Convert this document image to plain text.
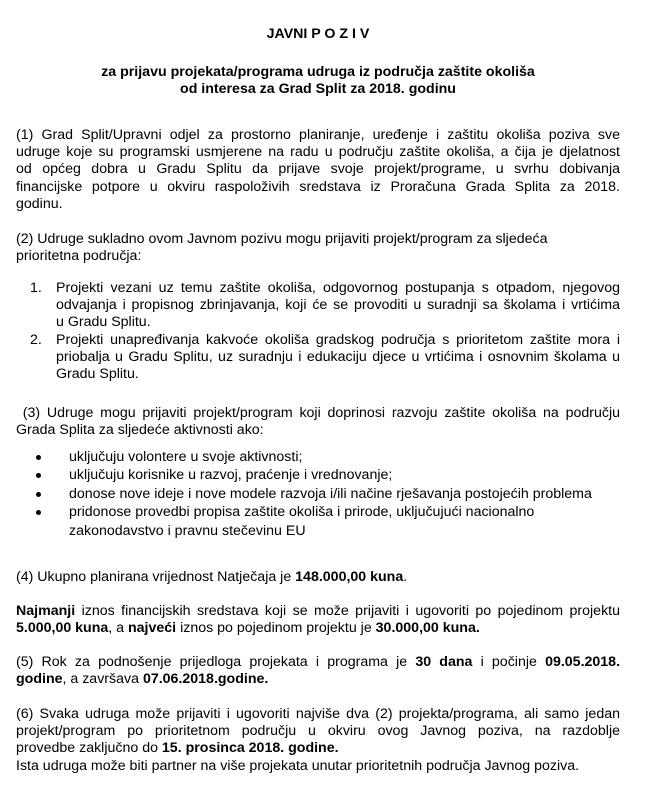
JAVNI P O Z I V
za prijavu projekata/programa udruga iz područja zaštite okoliša
od interesa za Grad Split za 2018. godinu
(1) Grad Split/Upravni odjel za prostorno planiranje, uređenje i zaštitu okoliša poziva sve
udruge koje su programski usmjerene na radu u području zaštite okoliša, a čija je djelatnost
od općeg dobra u Gradu Splitu da prijave svoje projekt/programe, u svrhu dobivanja
financijske potpore u okviru raspoloživih sredstava iz Proračuna Grada Splita za 2018.
godinu.
(2) Udruge sukladno ovom Javnom pozivu mogu prijaviti projekt/program za sljedeća
prioritetna područja:
1. Projekti vezani uz temu zaštite okoliša, odgovornog postupanja s otpadom, njegovog
odvajanja i propisnog zbrinjavanja, koji će se provoditi u suradnji sa školama i vrtićima
u Gradu Splitu.
2. Projekti unapređivanja kakvoće okoliša gradskog područja s prioritetom zaštite mora i
priobalja u Gradu Splitu, uz suradnju i edukaciju djece u vrtićima i osnovnim školama u
Gradu Splitu.
(3) Udruge mogu prijaviti projekt/program koji doprinosi razvoju zaštite okoliša na području
Grada Splita za sljedeće aktivnosti ako:
uključuju volontere u svoje aktivnosti;
uključuju korisnike u razvoj, praćenje i vrednovanje;
donose nove ideje i nove modele razvoja i/ili načine rješavanja postojećih problema
pridonose provedbi propisa zaštite okoliša i prirode, uključujući nacionalno
zakonodavstvo i pravnu stečevinu EU
(4) Ukupno planirana vrijednost Natječaja je 148.000,00 kuna.
Najmanji iznos financijskih sredstava koji se može prijaviti i ugovoriti po pojedinom projektu
5.000,00 kuna, a najveći iznos po pojedinom projektu je 30.000,00 kuna.
(5) Rok za podnošenje prijedloga projekata i programa je 30 dana i počinje 09.05.2018.
godine, a završava 07.06.2018.godine.
(6) Svaka udruga može prijaviti i ugovoriti najviše dva (2) projekta/programa, ali samo jedan
projekt/program po prioritetnom području u okviru ovog Javnog poziva, na razdoblje
provedbe zaključno do 15. prosinca 2018. godine.
Ista udruga može biti partner na više projekata unutar prioritetnih područja Javnog poziva.
